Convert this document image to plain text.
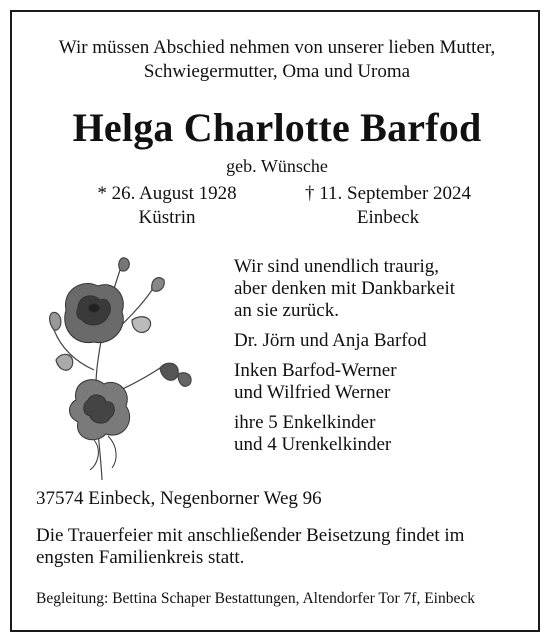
Wir müssen Abschied nehmen von unserer lieben Mutter,
Schwiegermutter, Oma und Uroma
Helga Charlotte Barfod
geb. Wünsche
* 26. August 1928
Küstrin
† 11. September 2024
Einbeck
Wir sind unendlich traurig,
aber denken mit Dankbarkeit
an sie zurück.
Dr. Jörn und Anja Barfod
Inken Barfod-Werner
und Wilfried Werner
ihre 5 Enkelkinder
und 4 Urenkelkinder
37574 Einbeck, Negenborner Weg 96
Die Trauerfeier mit anschließender Beisetzung findet im
engsten Familienkreis statt.
Begleitung: Bettina Schaper Bestattungen, Altendorfer Tor 7f, Einbeck
